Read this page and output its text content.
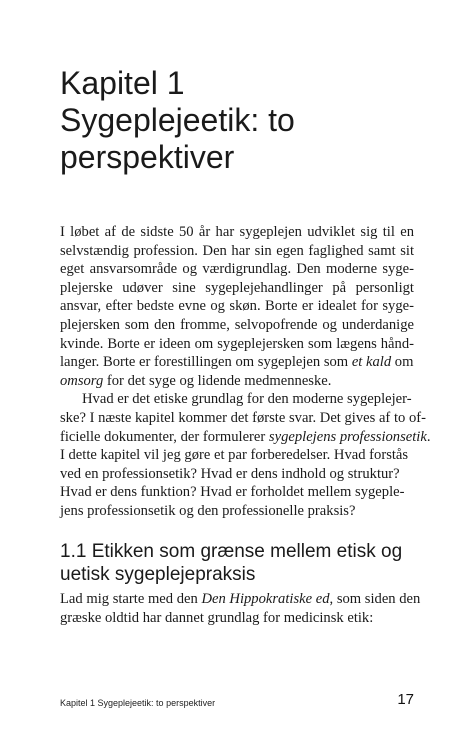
Kapitel 1
Sygeplejeetik: to
perspektiver

I løbet af de sidste 50 år har sygeplejen udviklet sig til en
selvstændig profession. Den har sin egen faglighed samt sit
eget ansvarsområde og værdigrundlag. Den moderne syge-
plejerske udøver sine sygeplejehandlinger på personligt
ansvar, efter bedste evne og skøn. Borte er idealet for syge-
plejersken som den fromme, selvopofrende og underdanige
kvinde. Borte er ideen om sygeplejersken som lægens hånd-
langer. Borte er forestillingen om sygeplejen som et kald om
omsorg for det syge og lidende medmenneske.

Hvad er det etiske grundlag for den moderne sygeplejer-
ske? I næste kapitel kommer det første svar. Det gives af to of-
ficielle dokumenter, der formulerer sygeplejens professionsetik.
I dette kapitel vil jeg gøre et par forberedelser. Hvad forstås
ved en professionsetik? Hvad er dens indhold og struktur?
Hvad er dens funktion? Hvad er forholdet mellem sygeple-
jens professionsetik og den professionelle praksis?

1.1 Etikken som grænse mellem etisk og
uetisk sygeplejepraksis

Lad mig starte med den Den Hippokratiske ed, som siden den
græske oldtid har dannet grundlag for medicinsk etik:

Kapitel 1 Sygeplejeetik: to perspektiver	17
